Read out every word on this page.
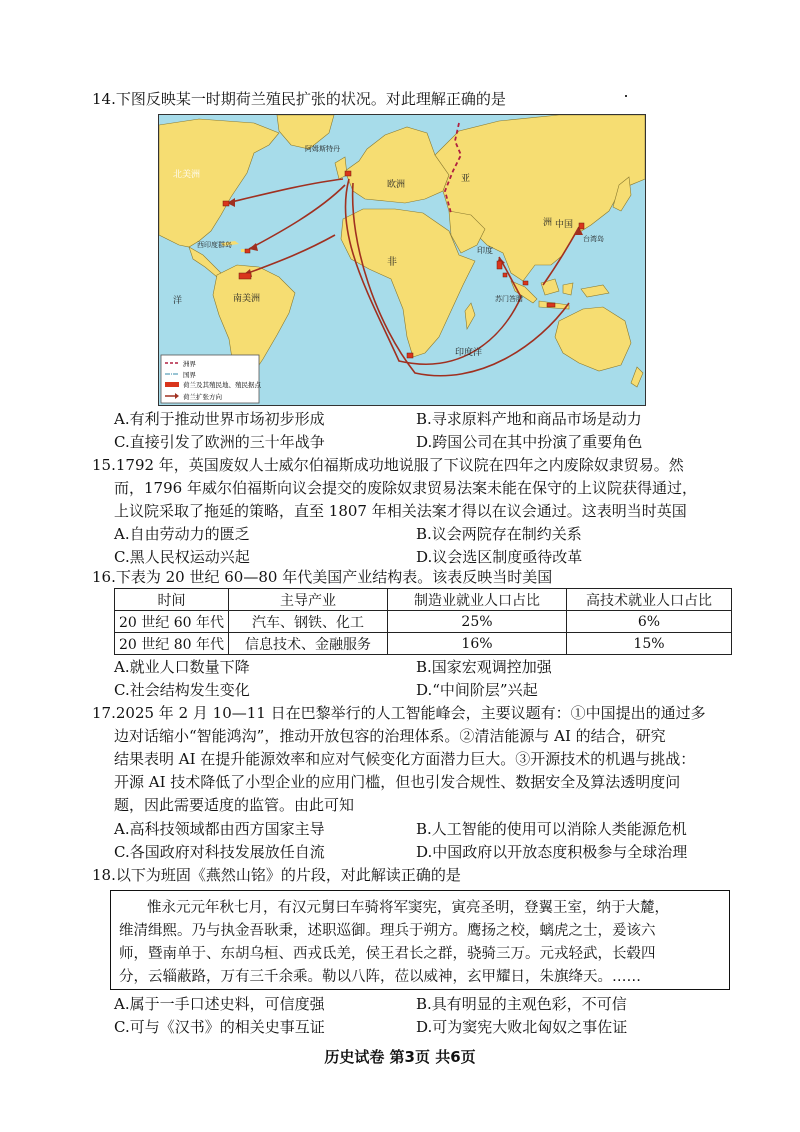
14.下图反映某一时期荷兰殖民扩张的状况。对此理解正确的是
北美洲
阿姆斯特丹
欧洲
亚
洲 中国
西印度群岛
印度
台湾岛
南美洲
非
苏门答腊
洋
印度洋
洲界
国界
荷兰及其殖民地、殖民据点
荷兰扩张方向
A.有利于推动世界市场初步形成	B.寻求原料产地和商品市场是动力
C.直接引发了欧洲的三十年战争	D.跨国公司在其中扮演了重要角色
15.1792 年，英国废奴人士威尔伯福斯成功地说服了下议院在四年之内废除奴隶贸易。然
而，1796 年威尔伯福斯向议会提交的废除奴隶贸易法案未能在保守的上议院获得通过，
上议院采取了拖延的策略，直至 1807 年相关法案才得以在议会通过。这表明当时英国
A.自由劳动力的匮乏	B.议会两院存在制约关系
C.黑人民权运动兴起	D.议会选区制度亟待改革
16.下表为 20 世纪 60—80 年代美国产业结构表。该表反映当时美国
时间	主导产业	制造业就业人口占比	高技术就业人口占比
20 世纪 60 年代	汽车、钢铁、化工	25%	6%
20 世纪 80 年代	信息技术、金融服务	16%	15%
A.就业人口数量下降	B.国家宏观调控加强
C.社会结构发生变化	D.“中间阶层”兴起
17.2025 年 2 月 10—11 日在巴黎举行的人工智能峰会，主要议题有：①中国提出的通过多
边对话缩小“智能鸿沟”，推动开放包容的治理体系。②清洁能源与 AI 的结合，研究
结果表明 AI 在提升能源效率和应对气候变化方面潜力巨大。③开源技术的机遇与挑战：
开源 AI 技术降低了小型企业的应用门槛，但也引发合规性、数据安全及算法透明度问
题，因此需要适度的监管。由此可知
A.高科技领域都由西方国家主导	B.人工智能的使用可以消除人类能源危机
C.各国政府对科技发展放任自流	D.中国政府以开放态度积极参与全球治理
18.以下为班固《燕然山铭》的片段，对此解读正确的是
惟永元元年秋七月，有汉元舅曰车骑将军窦宪，寅亮圣明，登翼王室，纳于大麓，
维清缉熙。乃与执金吾耿秉，述职巡御。理兵于朔方。鹰扬之校，螭虎之士，爰该六
师，暨南单于、东胡乌桓、西戎氐羌，侯王君长之群，骁骑三万。元戎轻武，长毂四
分，云辎蔽路，万有三千余乘。勒以八阵，莅以威神，玄甲耀日，朱旗绛天。……
A.属于一手口述史料，可信度强	B.具有明显的主观色彩，不可信
C.可与《汉书》的相关史事互证	D.可为窦宪大败北匈奴之事佐证
历史试卷 第3页 共6页
